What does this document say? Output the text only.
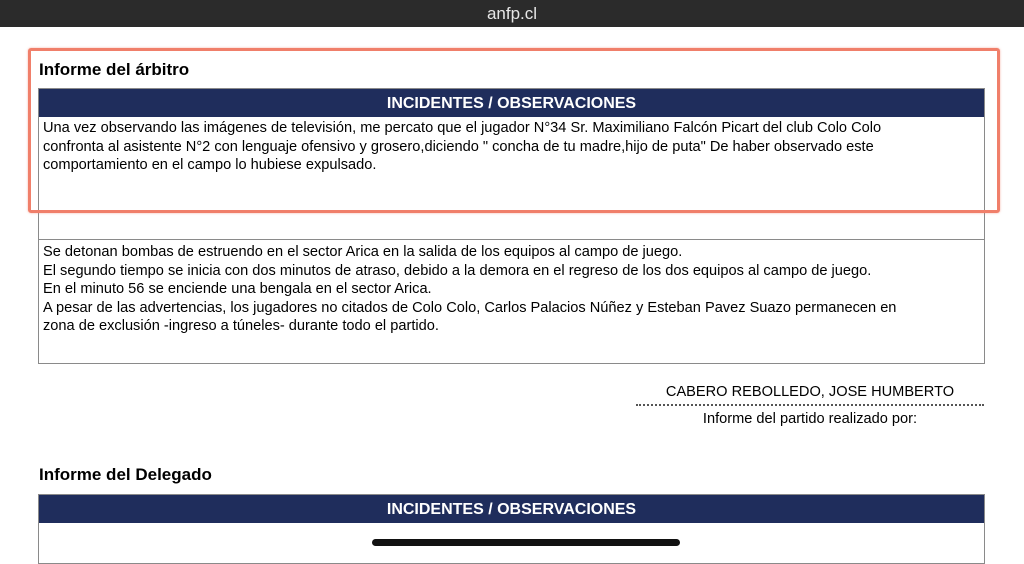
anfp.cl
Informe del árbitro
INCIDENTES / OBSERVACIONES

Una vez observando las imágenes de televisión, me percato que el jugador N°34 Sr. Maximiliano Falcón Picart del club Colo Colo

confronta al asistente N°2 con lenguaje ofensivo y grosero,diciendo " concha de tu madre,hijo de puta" De haber observado este

comportamiento en el campo lo hubiese expulsado.

Se detonan bombas de estruendo en el sector Arica en la salida de los equipos al campo de juego.

El segundo tiempo se inicia con dos minutos de atraso, debido a la demora en el regreso de los dos equipos al campo de juego.

En el minuto 56 se enciende una bengala en el sector Arica.

A pesar de las advertencias, los jugadores no citados de Colo Colo, Carlos Palacios Núñez y Esteban Pavez Suazo permanecen en

zona de exclusión -ingreso a túneles- durante todo el partido.

CABERO REBOLLEDO, JOSE HUMBERTO
Informe del partido realizado por:
Informe del Delegado
INCIDENTES / OBSERVACIONES
